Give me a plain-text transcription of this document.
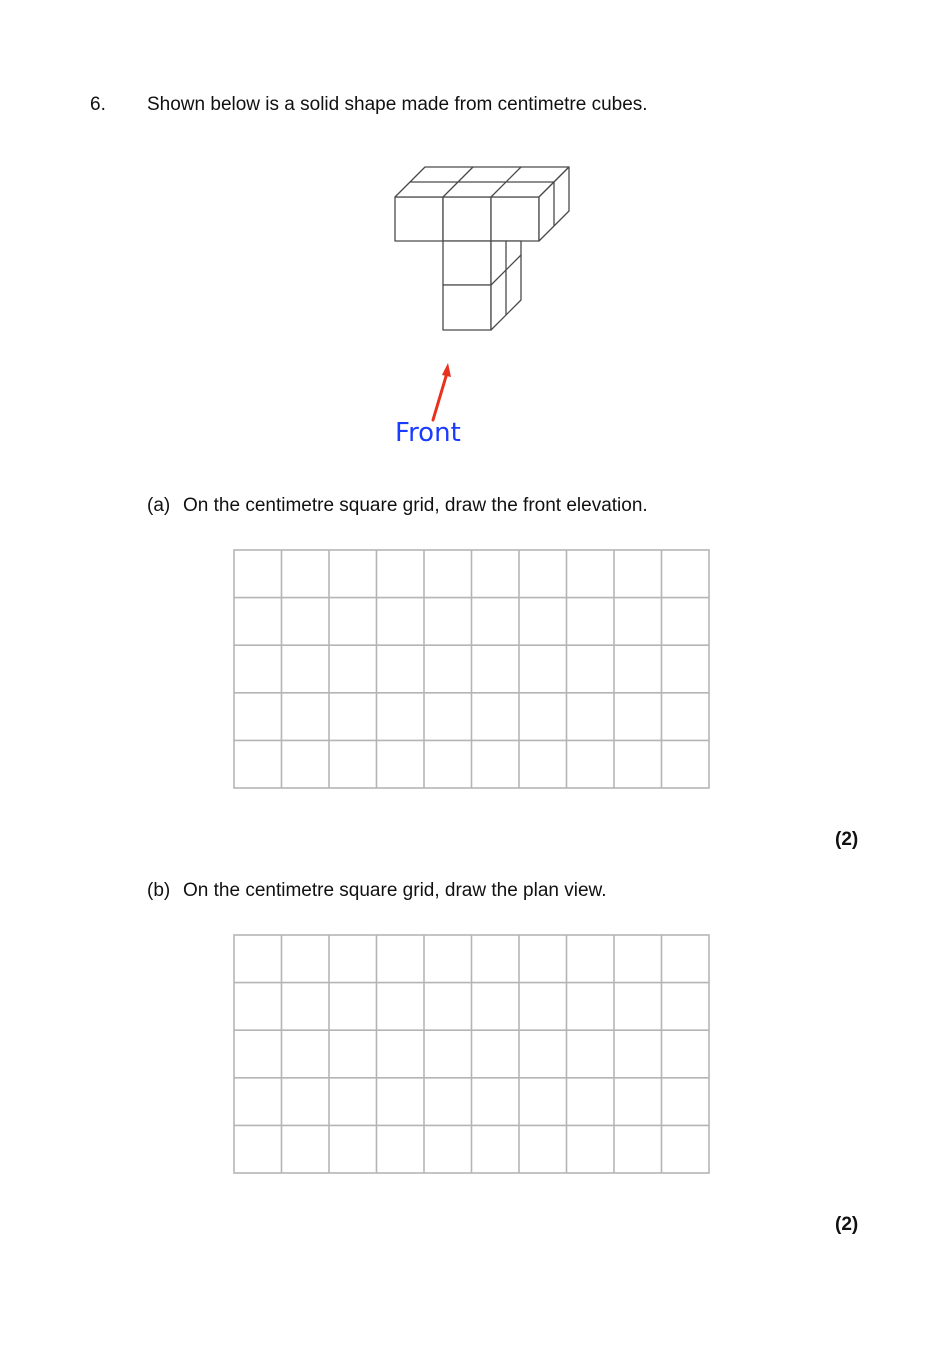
6. Shown below is a solid shape made from centimetre cubes.
Front
(a) On the centimetre square grid, draw the front elevation.
(2)
(b) On the centimetre square grid, draw the plan view.
(2)
